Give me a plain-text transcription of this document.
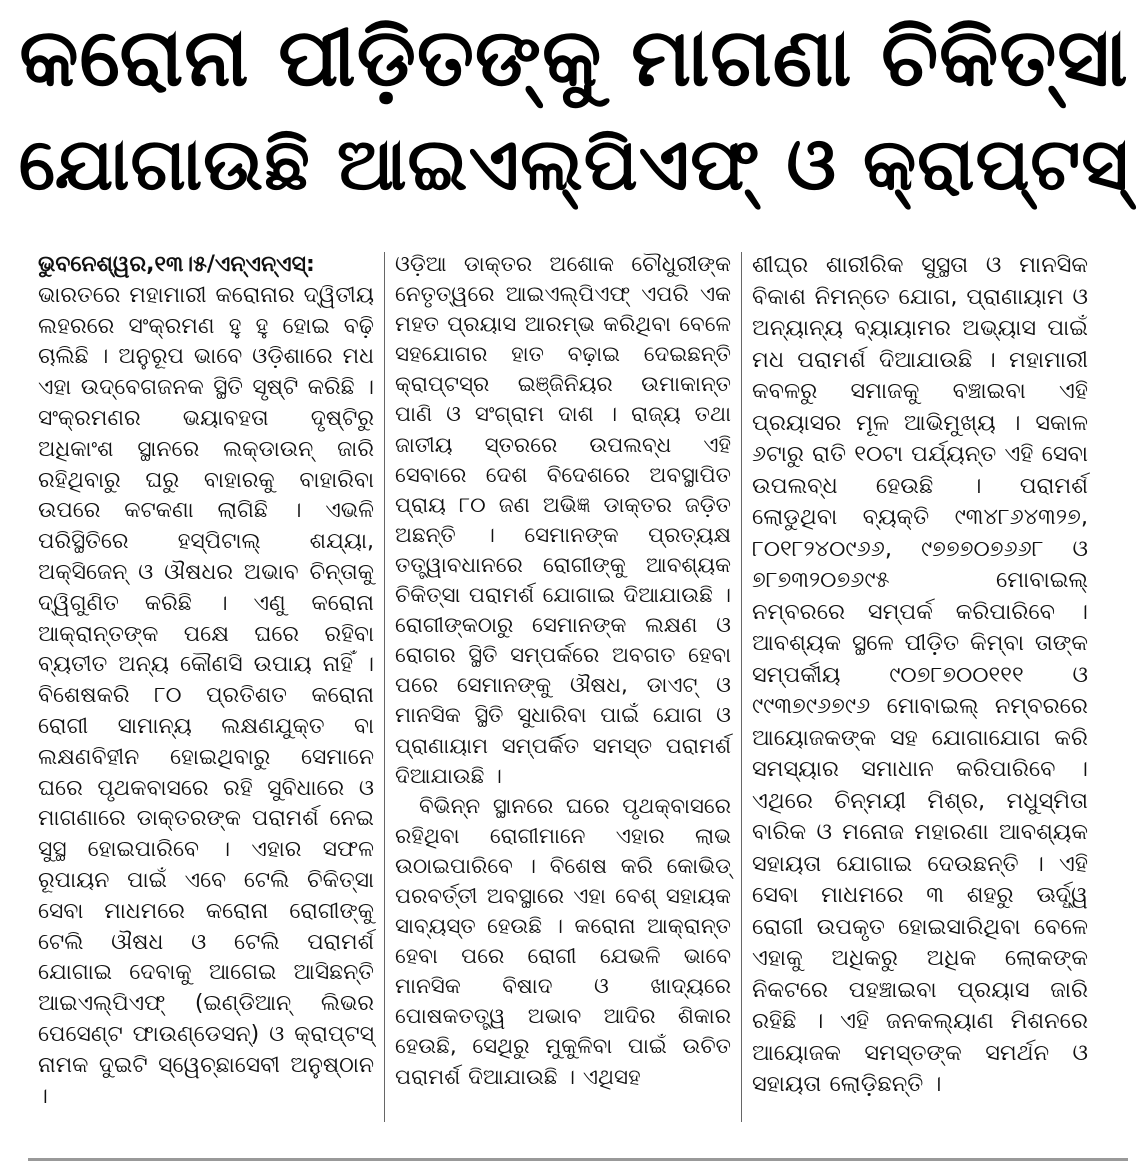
କରୋନା ପୀଡ଼ିତଙ୍କୁ ମାଗଣା ଚିକିତ୍ସା
ଯୋଗାଉଛି ଆଇଏଲ୍‌ପିଏଫ୍ ଓ କ୍ରାପ୍ଟସ୍

ଭୁବନେଶ୍ୱର,୧୩।୫/ଏନ୍‌ଏନ୍‌ଏସ୍:
ଭାରତରେ ମହାମାରୀ କରୋନାର ଦ୍ୱିତୀୟ ଲହରରେ ସଂକ୍ରମଣ ହୁ ହୁ ହୋଇ ବଢ଼ି ଚାଲିଛି । ଅନୁରୂପ ଭାବେ ଓଡ଼ିଶାରେ ମଧ ଏହା ଉଦ୍‌ବେଗଜନକ ସ୍ଥିତି ସୃଷ୍ଟି କରିଛି । ସଂକ୍ରମଣର ଭୟାବହତା ଦୃଷ୍ଟିରୁ ଅଧିକାଂଶ ସ୍ଥାନରେ ଲକ୍‌ଡାଉନ୍ ଜାରି ରହିଥିବାରୁ ଘରୁ ବାହାରକୁ ବାହାରିବା ଉପରେ କଟକଣା ଲାଗିଛି । ଏଭଳି ପରିସ୍ଥିତିରେ ହସ୍ପିଟାଲ୍ ଶଯ୍ୟା, ଅକ୍ସିଜେନ୍ ଓ ଔଷଧର ଅଭାବ ଚିନ୍ତାକୁ ଦ୍ୱିଗୁଣିତ କରିଛି । ଏଣୁ କରୋନା ଆକ୍ରାନ୍ତଙ୍କ ପକ୍ଷେ ଘରେ ରହିବା ବ୍ୟତୀତ ଅନ୍ୟ କୌଣସି ଉପାୟ ନାହିଁ । ବିଶେଷକରି ୮୦ ପ୍ରତିଶତ କରୋନା ରୋଗୀ ସାମାନ୍ୟ ଲକ୍ଷଣଯୁକ୍ତ ବା ଲକ୍ଷଣବିହୀନ ହୋଇଥିବାରୁ ସେମାନେ ଘରେ ପୃଥକବାସରେ ରହି ସୁବିଧାରେ ଓ ମାଗଣାରେ ଡାକ୍ତରଙ୍କ ପରାମର୍ଶ ନେଇ ସୁସ୍ଥ ହୋଇପାରିବେ । ଏହାର ସଫଳ ରୂପାୟନ ପାଇଁ ଏବେ ଟେଲି ଚିକିତ୍ସା ସେବା ମାଧମରେ କରୋନା ରୋଗୀଙ୍କୁ ଟେଲି ଔଷଧ ଓ ଟେଲି ପରାମର୍ଶ ଯୋଗାଇ ଦେବାକୁ ଆଗେଇ ଆସିଛନ୍ତି ଆଇଏଲ୍‌ପିଏଫ୍ (ଇଣ୍ଡିଆନ୍ ଲିଭର ପେସେଣ୍ଟ ଫାଉଣ୍ଡେସନ୍) ଓ କ୍ରାପ୍ଟସ୍ ନାମକ ଦୁଇଟି ସ୍ୱେଚ୍ଛାସେବୀ ଅନୁଷ୍ଠାନ ।

ଓଡ଼ିଆ ଡାକ୍ତର ଅଶୋକ ଚୌଧୁରୀଙ୍କ ନେତୃତ୍ୱରେ ଆଇଏଲ୍‌ପିଏଫ୍ ଏପରି ଏକ ମହତ ପ୍ରୟାସ ଆରମ୍ଭ କରିଥିବା ବେଳେ ସହଯୋଗର ହାତ ବଢ଼ାଇ ଦେଇଛନ୍ତି କ୍ରାପ୍ଟସ୍‌ର ଇଞ୍ଜିନିୟର ଉମାକାନ୍ତ ପାଣି ଓ ସଂଗ୍ରାମ ଦାଶ । ରାଜ୍ୟ ତଥା ଜାତୀୟ ସ୍ତରରେ ଉପଲବ୍ଧ ଏହି ସେବାରେ ଦେଶ ବିଦେଶରେ ଅବସ୍ଥାପିତ ପ୍ରାୟ ୮୦ ଜଣ ଅଭିଜ୍ଞ ଡାକ୍ତର ଜଡ଼ିତ ଅଛନ୍ତି । ସେମାନଙ୍କ ପ୍ରତ୍ୟକ୍ଷ ତତ୍ତ୍ୱାବଧାନରେ ରୋଗୀଙ୍କୁ ଆବଶ୍ୟକ ଚିକିତ୍ସା ପରାମର୍ଶ ଯୋଗାଇ ଦିଆଯାଉଛି । ରୋଗୀଙ୍କଠାରୁ ସେମାନଙ୍କ ଲକ୍ଷଣ ଓ ରୋଗର ସ୍ଥିତି ସମ୍ପର୍କରେ ଅବଗତ ହେବା ପରେ ସେମାନଙ୍କୁ ଔଷଧ, ଡାଏଟ୍ ଓ ମାନସିକ ସ୍ଥିତି ସୁଧାରିବା ପାଇଁ ଯୋଗ ଓ ପ୍ରାଣାୟାମ ସମ୍ପର୍କିତ ସମସ୍ତ ପରାମର୍ଶ ଦିଆଯାଉଛି ।

ବିଭିନ୍ନ ସ୍ଥାନରେ ଘରେ ପୃଥକ୍‌ବାସରେ ରହିଥିବା ରୋଗୀମାନେ ଏହାର ଲାଭ ଉଠାଇପାରିବେ । ବିଶେଷ କରି କୋଭିଡ୍ ପରବର୍ତ୍ତୀ ଅବସ୍ଥାରେ ଏହା ବେଶ୍ ସହାୟକ ସାବ୍ୟସ୍ତ ହେଉଛି । କରୋନା ଆକ୍ରାନ୍ତ ହେବା ପରେ ରୋଗୀ ଯେଭଳି ଭାବେ ମାନସିକ ବିଷାଦ ଓ ଖାଦ୍ୟରେ ପୋଷକତତ୍ତ୍ୱ ଅଭାବ ଆଦିର ଶିକାର ହେଉଛି, ସେଥିରୁ ମୁକୁଳିବା ପାଇଁ ଉଚିତ ପରାମର୍ଶ ଦିଆଯାଉଛି । ଏଥିସହ

ଶୀଘ୍ର ଶାରୀରିକ ସୁସ୍ଥତା ଓ ମାନସିକ ବିକାଶ ନିମନ୍ତେ ଯୋଗ, ପ୍ରାଣାୟାମ ଓ ଅନ୍ୟାନ୍ୟ ବ୍ୟାୟାମର ଅଭ୍ୟାସ ପାଇଁ ମଧ ପରାମର୍ଶ ଦିଆଯାଉଛି । ମହାମାରୀ କବଳରୁ ସମାଜକୁ ବଞ୍ଚାଇବା ଏହି ପ୍ରୟାସର ମୂଳ ଆଭିମୁଖ୍ୟ । ସକାଳ ୬ଟାରୁ ରାତି ୧୦ଟା ପର୍ଯ୍ୟନ୍ତ ଏହି ସେବା ଉପଲବ୍ଧ ହେଉଛି । ପରାମର୍ଶ ଲୋଡୁଥିବା ବ୍ୟକ୍ତି ୯୩୪୮୬୪୩୨୭, ୮୦୧୮୨୪୦୯୬୬, ୯୭୭୭୦୭୬୬୮ ଓ ୭୮୭୩୨୦୭୬୯୫ ମୋବାଇଲ୍ ନମ୍ବରରେ ସମ୍ପର୍କ କରିପାରିବେ । ଆବଶ୍ୟକ ସ୍ଥଳେ ପୀଡ଼ିତ କିମ୍ବା ତାଙ୍କ ସମ୍ପର୍କୀୟ ୯୦୭୮୭୦୦୧୧୧ ଓ ୯୯୩୭୯୬୭୯୬ ମୋବାଇଲ୍ ନମ୍ବରରେ ଆୟୋଜକଙ୍କ ସହ ଯୋଗାଯୋଗ କରି ସମସ୍ୟାର ସମାଧାନ କରିପାରିବେ । ଏଥିରେ ଚିନ୍ମୟୀ ମିଶ୍ର, ମଧୁସ୍ମିତା ବାରିକ ଓ ମନୋଜ ମହାରଣା ଆବଶ୍ୟକ ସହାୟତା ଯୋଗାଇ ଦେଉଛନ୍ତି । ଏହି ସେବା ମାଧମରେ ୩ ଶହରୁ ଊର୍ଦ୍ଧ୍ୱ ରୋଗୀ ଉପକୃତ ହୋଇସାରିଥିବା ବେଳେ ଏହାକୁ ଅଧିକରୁ ଅଧିକ ଲୋକଙ୍କ ନିକଟରେ ପହଞ୍ଚାଇବା ପ୍ରୟାସ ଜାରି ରହିଛି । ଏହି ଜନକଲ୍ୟାଣ ମିଶନରେ ଆୟୋଜକ ସମସ୍ତଙ୍କ ସମର୍ଥନ ଓ ସହାୟତା ଲୋଡ଼ିଛନ୍ତି ।
